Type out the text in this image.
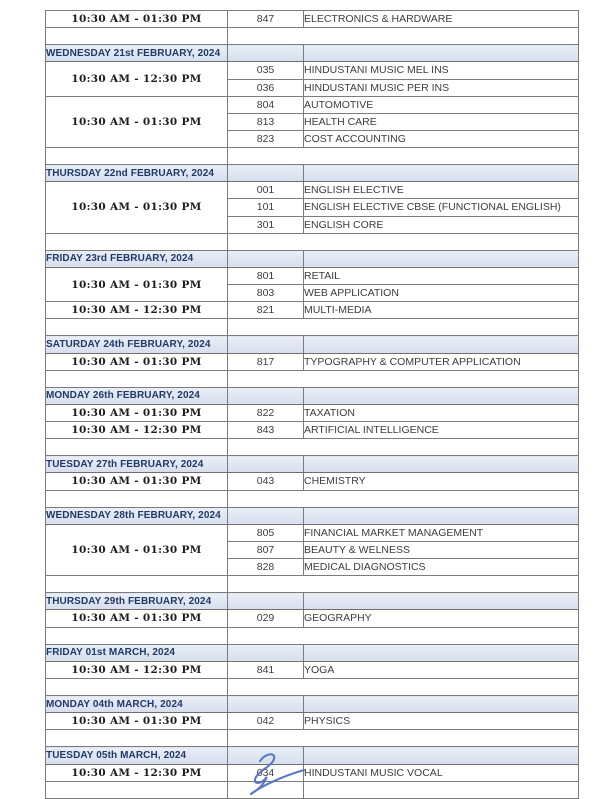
10:30 AM - 01:30 PM	847	ELECTRONICS & HARDWARE

WEDNESDAY 21st FEBRUARY, 2024		
10:30 AM - 12:30 PM	035	HINDUSTANI MUSIC MEL INS
	036	HINDUSTANI MUSIC PER INS
10:30 AM - 01:30 PM	804	AUTOMOTIVE
	813	HEALTH CARE
	823	COST ACCOUNTING

THURSDAY 22nd FEBRUARY, 2024		
10:30 AM - 01:30 PM	001	ENGLISH ELECTIVE
	101	ENGLISH ELECTIVE CBSE (FUNCTIONAL ENGLISH)
	301	ENGLISH CORE

FRIDAY 23rd FEBRUARY, 2024		
10:30 AM - 01:30 PM	801	RETAIL
	803	WEB APPLICATION
10:30 AM - 12:30 PM	821	MULTI-MEDIA

SATURDAY 24th FEBRUARY, 2024		
10:30 AM - 01:30 PM	817	TYPOGRAPHY & COMPUTER APPLICATION

MONDAY 26th FEBRUARY, 2024		
10:30 AM - 01:30 PM	822	TAXATION
10:30 AM - 12:30 PM	843	ARTIFICIAL INTELLIGENCE

TUESDAY 27th FEBRUARY, 2024		
10:30 AM - 01:30 PM	043	CHEMISTRY

WEDNESDAY 28th FEBRUARY, 2024		
10:30 AM - 01:30 PM	805	FINANCIAL MARKET MANAGEMENT
	807	BEAUTY & WELNESS
	828	MEDICAL DIAGNOSTICS

THURSDAY 29th FEBRUARY, 2024		
10:30 AM - 01:30 PM	029	GEOGRAPHY

FRIDAY 01st MARCH, 2024		
10:30 AM - 12:30 PM	841	YOGA

MONDAY 04th MARCH, 2024		
10:30 AM - 01:30 PM	042	PHYSICS

TUESDAY 05th MARCH, 2024		
10:30 AM - 12:30 PM	034	HINDUSTANI MUSIC VOCAL
